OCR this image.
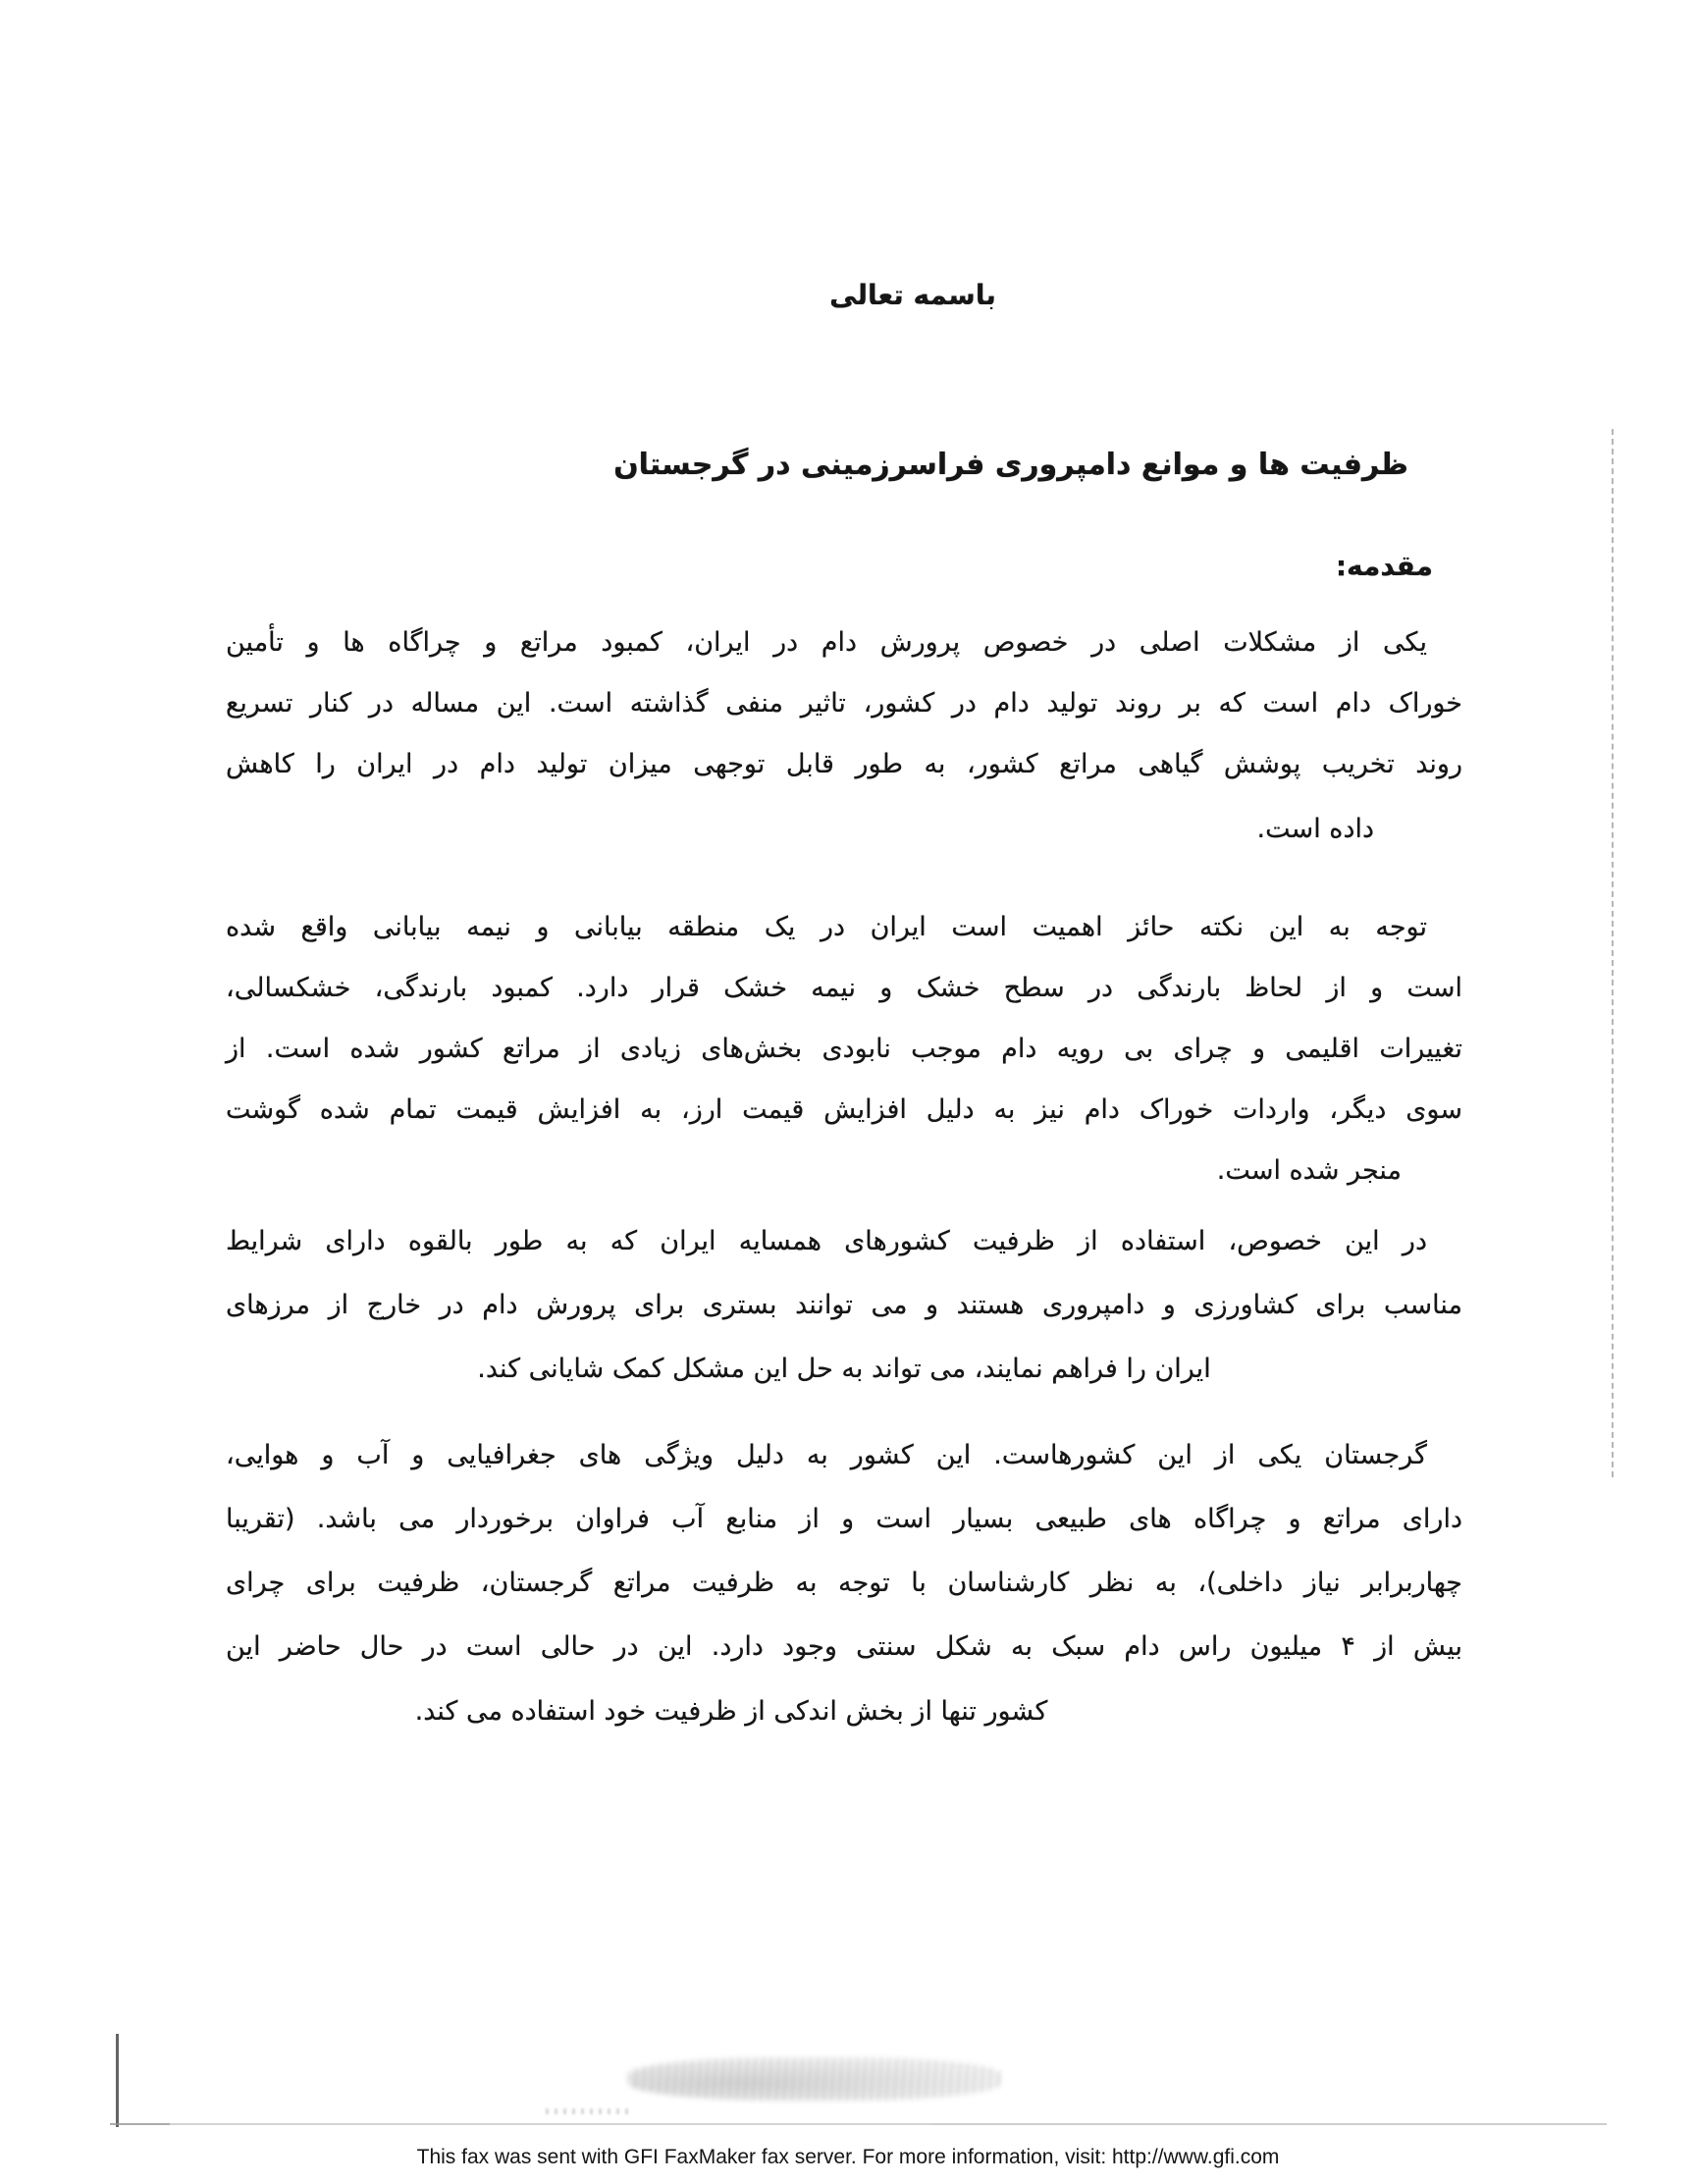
باسمه تعالی
ظرفیت ها و موانع دامپروری فراسرزمینی در گرجستان
مقدمه:
یکی از مشکلات اصلی در خصوص پرورش دام در ایران، کمبود مراتع و چراگاه ها و تأمین
خوراک دام است که بر روند تولید دام در کشور، تاثیر منفی گذاشته است. این مساله در کنار تسریع
روند تخریب پوشش گیاهی مراتع کشور، به طور قابل توجهی میزان تولید دام در ایران را کاهش
داده است.
توجه به این نکته حائز اهمیت است ایران در یک منطقه بیابانی و نیمه بیابانی واقع شده
است و از لحاظ بارندگی در سطح خشک و نیمه خشک قرار دارد. کمبود بارندگی، خشکسالی،
تغییرات اقلیمی و چرای بی رویه دام موجب نابودی بخش‌های زیادی از مراتع کشور شده است. از
سوی دیگر، واردات خوراک دام نیز به دلیل افزایش قیمت ارز، به افزایش قیمت تمام شده گوشت
منجر شده است.
در این خصوص، استفاده از ظرفیت کشورهای همسایه ایران که به طور بالقوه دارای شرایط
مناسب برای کشاورزی و دامپروری هستند و می توانند بستری برای پرورش دام در خارج از مرزهای
ایران را فراهم نمایند، می تواند به حل این مشکل کمک شایانی کند.
گرجستان یکی از این کشورهاست. این کشور به دلیل ویژگی های جغرافیایی و آب و هوایی،
دارای مراتع و چراگاه های طبیعی بسیار است و از منابع آب فراوان برخوردار می باشد. (تقریبا
چهاربرابر نیاز داخلی)، به نظر کارشناسان با توجه به ظرفیت مراتع گرجستان، ظرفیت برای چرای
بیش از ۴ میلیون راس دام سبک به شکل سنتی وجود دارد. این در حالی است در حال حاضر این
کشور تنها از بخش اندکی از ظرفیت خود استفاده می کند.
This fax was sent with GFI FaxMaker fax server. For more information, visit: http://www.gfi.com
